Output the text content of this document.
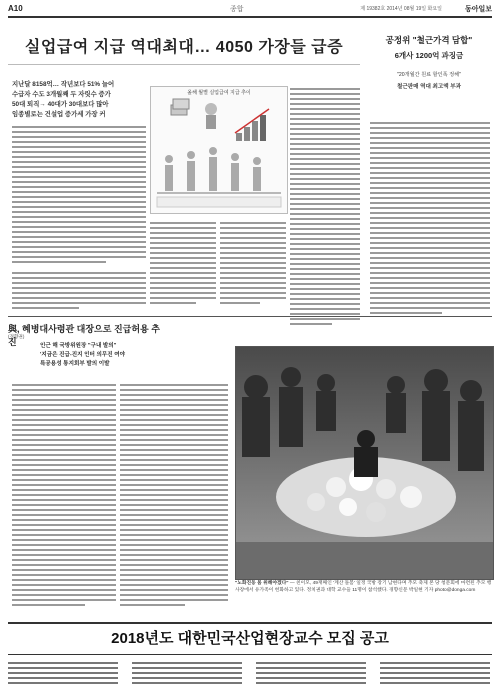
A10	종합	제 19382호 2014년 08월 19일 화요일	동아일보
실업급여 지급 역대최대… 4050 가장들 급증
지난달 8158억… 작년보다 51% 늘어
수급자 수도 3개월째 두 자릿수 증가
50대 퇴직→ 40대가 30대보다 많아
임종별로는 건설업 증가세 가장 커
올해 월별 실업급여 지급 추이
공정위 "철근가격 담합"
6개사 1200억 과징금
"20개월간 원료 할인폭 정해"
철근판매 역대 최고액 부과
與, 혜병대사령관 대장으로 진급허용 추진
(경향권)
인근 해 국방위원장 "구내 발의"
'지금은 진급-진지 인터 의무진 여야
특공용성 통지회부 발의 이발
"노화진동 몸 위해야겠다" — 친이모, 49재째인 '계산 돌봄' 일정 국방 장기 남현다며 추모 축제 본 당 청문회에 마련된 추모 행사장에서 유가족이 헌화하고 있다. 정치권과 대학 교수들 11명이 참석했다. 경향신문 박일현 기자 photo@donga.com
2018년도 대한민국산업현장교수 모집 공고
